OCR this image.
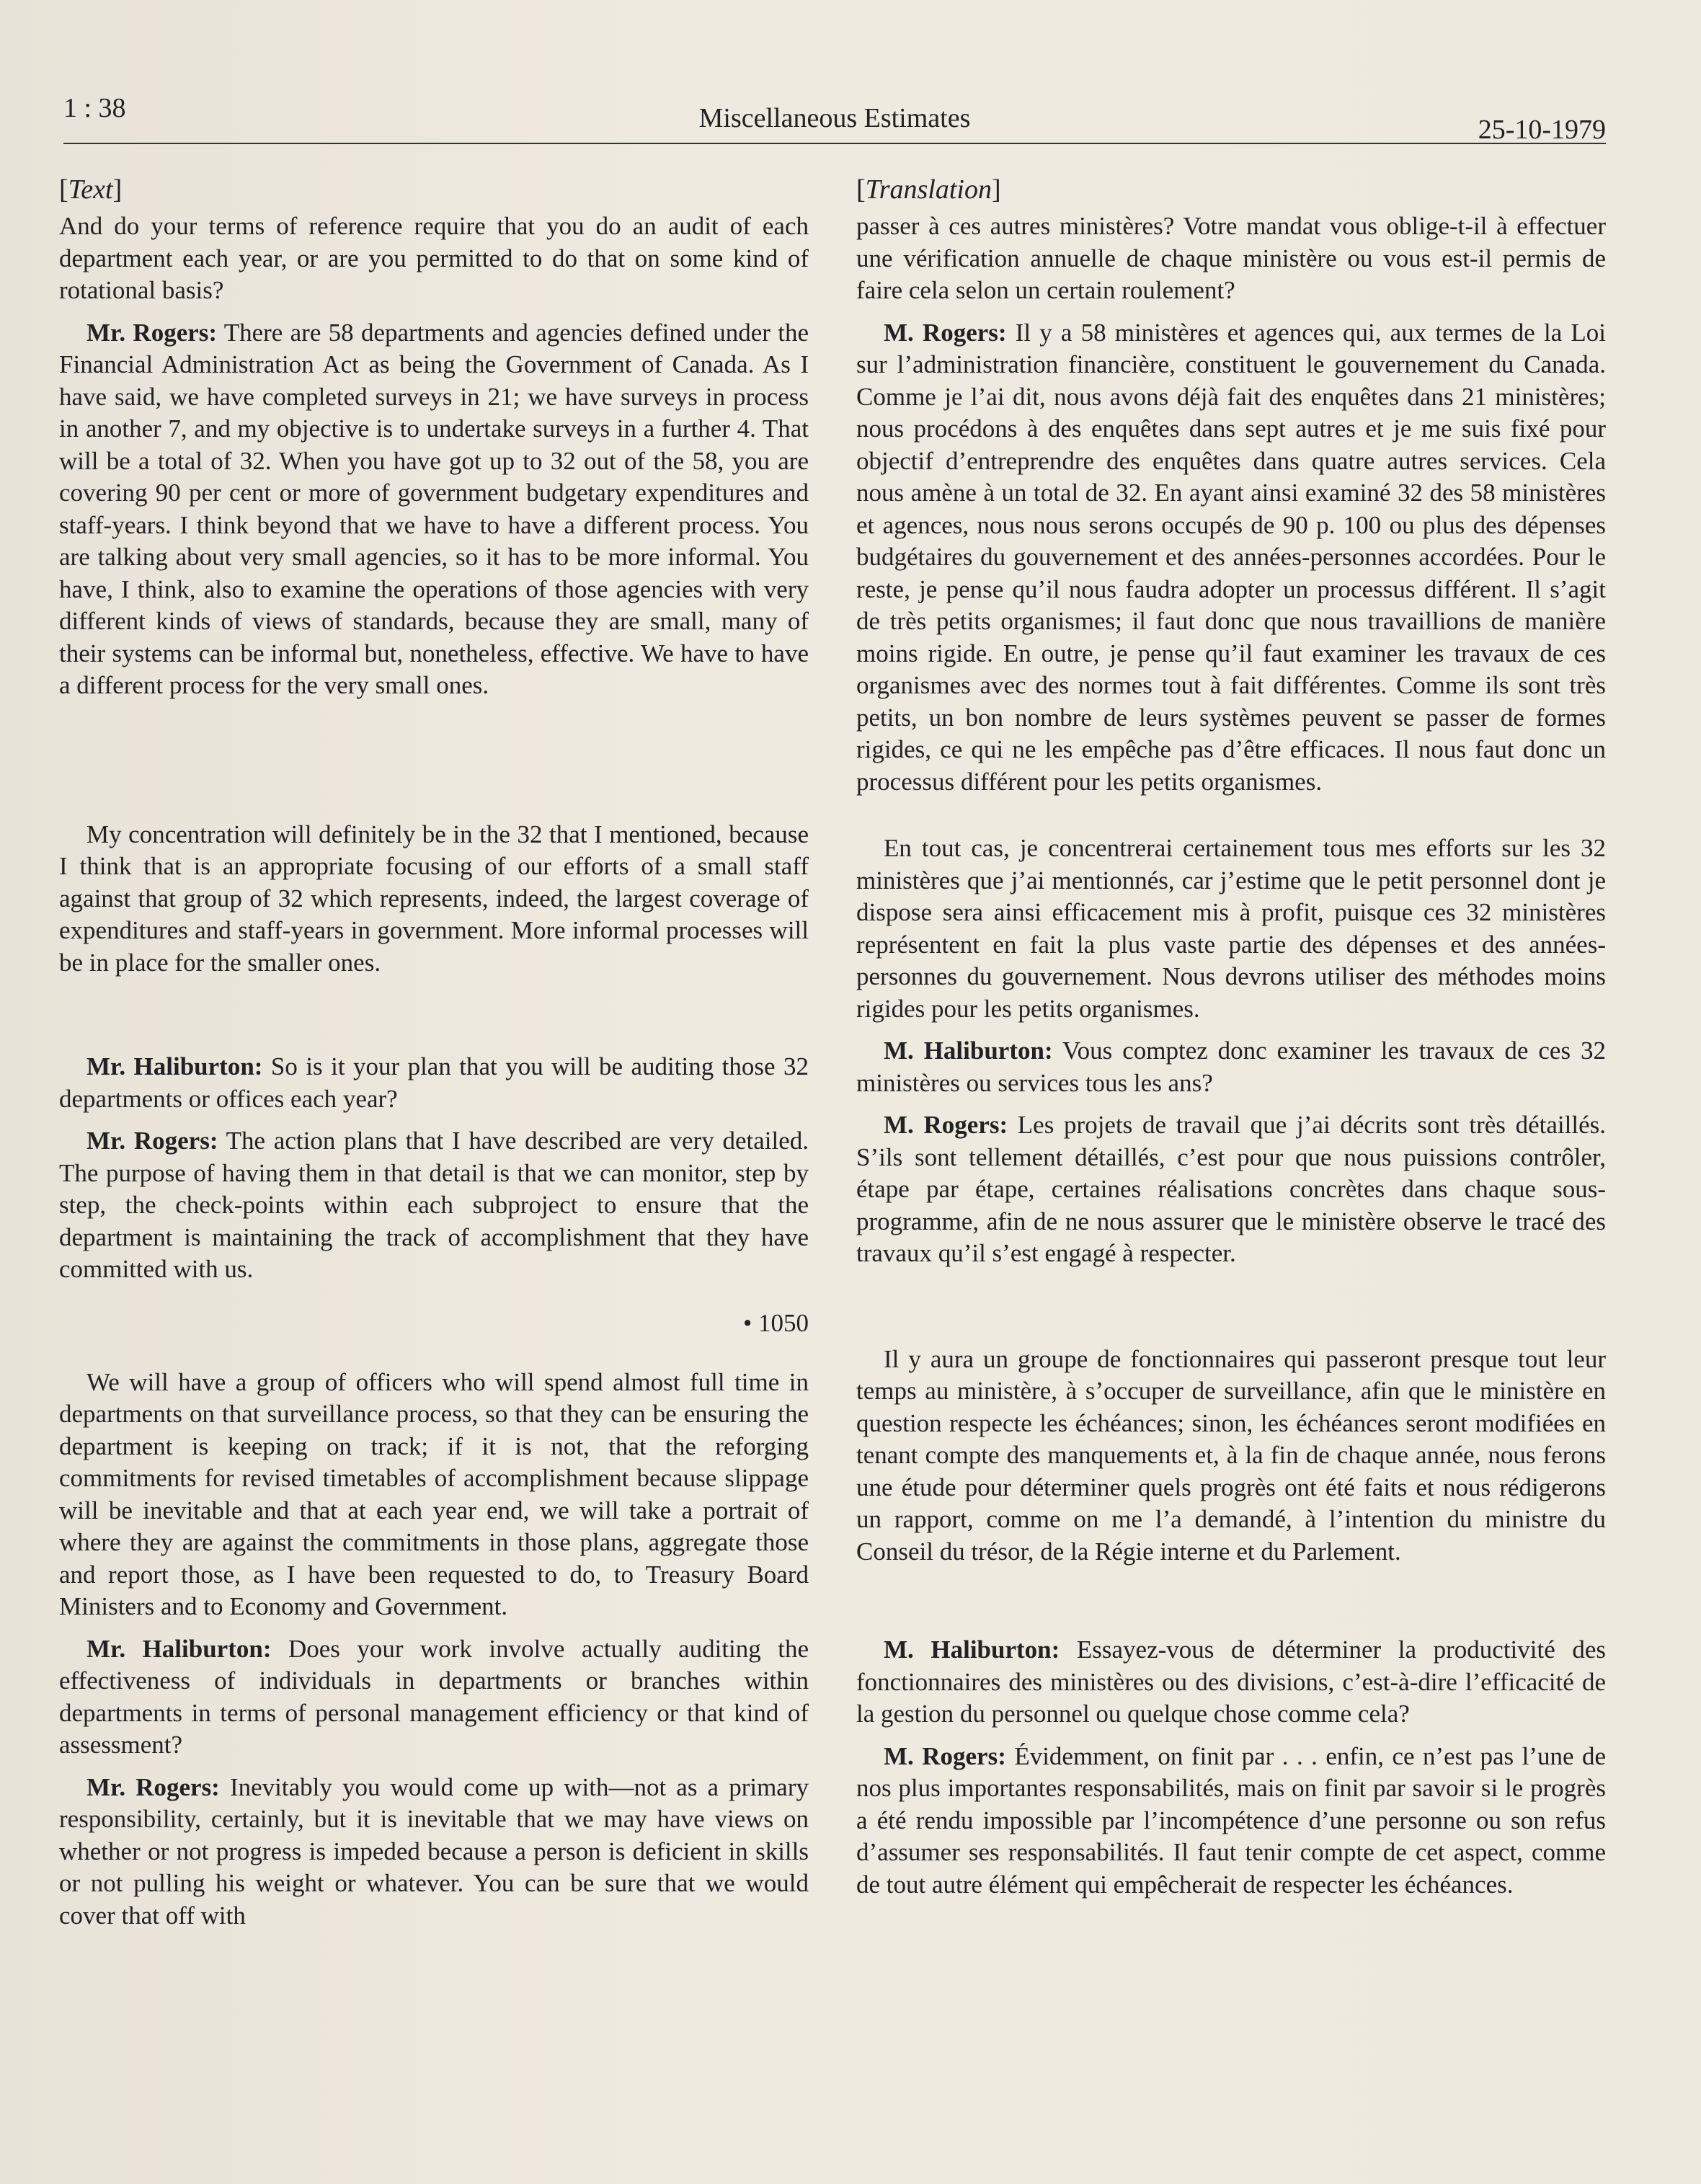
1 : 38	Miscellaneous Estimates	25-10-1979
[Text]

And do your terms of reference require that you do an audit of each department each year, or are you permitted to do that on some kind of rotational basis?

Mr. Rogers: There are 58 departments and agencies defined under the Financial Administration Act as being the Government of Canada. As I have said, we have completed surveys in 21; we have surveys in process in another 7, and my objective is to undertake surveys in a further 4. That will be a total of 32. When you have got up to 32 out of the 58, you are covering 90 per cent or more of government budgetary expenditures and staff-years. I think beyond that we have to have a different process. You are talking about very small agencies, so it has to be more informal. You have, I think, also to examine the operations of those agencies with very different kinds of views of standards, because they are small, many of their systems can be informal but, nonetheless, effective. We have to have a different process for the very small ones.

My concentration will definitely be in the 32 that I mentioned, because I think that is an appropriate focusing of our efforts of a small staff against that group of 32 which represents, indeed, the largest coverage of expenditures and staff-years in government. More informal processes will be in place for the smaller ones.

Mr. Haliburton: So is it your plan that you will be auditing those 32 departments or offices each year?

Mr. Rogers: The action plans that I have described are very detailed. The purpose of having them in that detail is that we can monitor, step by step, the check-points within each subproject to ensure that the department is maintaining the track of accomplishment that they have committed with us.

• 1050

We will have a group of officers who will spend almost full time in departments on that surveillance process, so that they can be ensuring the department is keeping on track; if it is not, that the reforging commitments for revised timetables of accomplishment because slippage will be inevitable and that at each year end, we will take a portrait of where they are against the commitments in those plans, aggregate those and report those, as I have been requested to do, to Treasury Board Ministers and to Economy and Government.

Mr. Haliburton: Does your work involve actually auditing the effectiveness of individuals in departments or branches within departments in terms of personal management efficiency or that kind of assessment?

Mr. Rogers: Inevitably you would come up with—not as a primary responsibility, certainly, but it is inevitable that we may have views on whether or not progress is impeded because a person is deficient in skills or not pulling his weight or whatever. You can be sure that we would cover that off with

[Translation]

passer à ces autres ministères? Votre mandat vous oblige-t-il à effectuer une vérification annuelle de chaque ministère ou vous est-il permis de faire cela selon un certain roulement?

M. Rogers: Il y a 58 ministères et agences qui, aux termes de la Loi sur l’administration financière, constituent le gouvernement du Canada. Comme je l’ai dit, nous avons déjà fait des enquêtes dans 21 ministères; nous procédons à des enquêtes dans sept autres et je me suis fixé pour objectif d’entreprendre des enquêtes dans quatre autres services. Cela nous amène à un total de 32. En ayant ainsi examiné 32 des 58 ministères et agences, nous nous serons occupés de 90 p. 100 ou plus des dépenses budgétaires du gouvernement et des années-personnes accordées. Pour le reste, je pense qu’il nous faudra adopter un processus différent. Il s’agit de très petits organismes; il faut donc que nous travaillions de manière moins rigide. En outre, je pense qu’il faut examiner les travaux de ces organismes avec des normes tout à fait différentes. Comme ils sont très petits, un bon nombre de leurs systèmes peuvent se passer de formes rigides, ce qui ne les empêche pas d’être efficaces. Il nous faut donc un processus différent pour les petits organismes.

En tout cas, je concentrerai certainement tous mes efforts sur les 32 ministères que j’ai mentionnés, car j’estime que le petit personnel dont je dispose sera ainsi efficacement mis à profit, puisque ces 32 ministères représentent en fait la plus vaste partie des dépenses et des années-personnes du gouvernement. Nous devrons utiliser des méthodes moins rigides pour les petits organismes.

M. Haliburton: Vous comptez donc examiner les travaux de ces 32 ministères ou services tous les ans?

M. Rogers: Les projets de travail que j’ai décrits sont très détaillés. S’ils sont tellement détaillés, c’est pour que nous puissions contrôler, étape par étape, certaines réalisations concrètes dans chaque sous-programme, afin de ne nous assurer que le ministère observe le tracé des travaux qu’il s’est engagé à respecter.

Il y aura un groupe de fonctionnaires qui passeront presque tout leur temps au ministère, à s’occuper de surveillance, afin que le ministère en question respecte les échéances; sinon, les échéances seront modifiées en tenant compte des manquements et, à la fin de chaque année, nous ferons une étude pour déterminer quels progrès ont été faits et nous rédigerons un rapport, comme on me l’a demandé, à l’intention du ministre du Conseil du trésor, de la Régie interne et du Parlement.

M. Haliburton: Essayez-vous de déterminer la productivité des fonctionnaires des ministères ou des divisions, c’est-à-dire l’efficacité de la gestion du personnel ou quelque chose comme cela?

M. Rogers: Évidemment, on finit par . . . enfin, ce n’est pas l’une de nos plus importantes responsabilités, mais on finit par savoir si le progrès a été rendu impossible par l’incompétence d’une personne ou son refus d’assumer ses responsabilités. Il faut tenir compte de cet aspect, comme de tout autre élément qui empêcherait de respecter les échéances.
